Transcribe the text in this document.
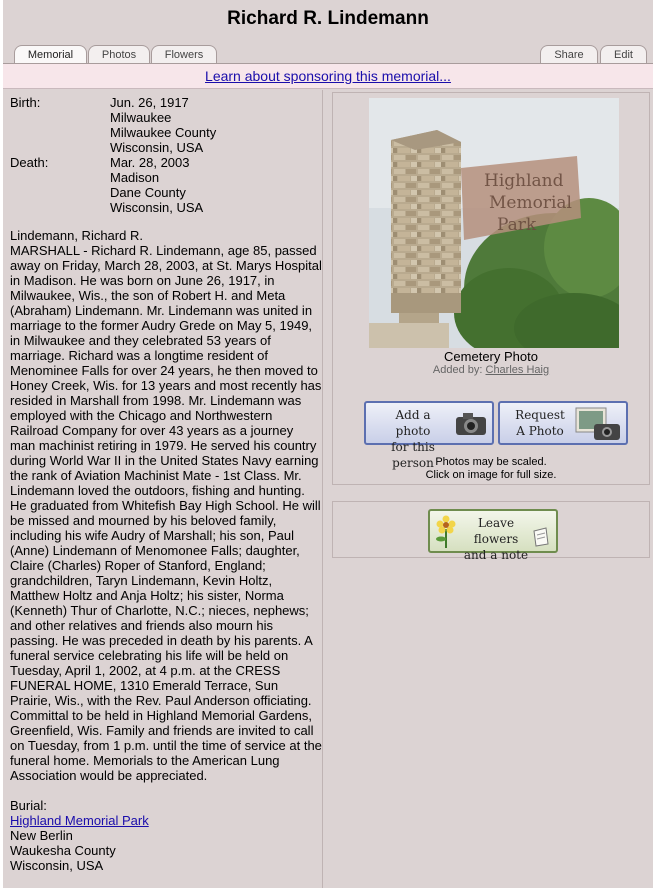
Richard R. Lindemann
Memorial	Photos	Flowers	Share	Edit
Learn about sponsoring this memorial...
Birth:	Jun. 26, 1917
Milwaukee
Milwaukee County
Wisconsin, USA
Death:	Mar. 28, 2003
Madison
Dane County
Wisconsin, USA
Lindemann, Richard R.
MARSHALL - Richard R. Lindemann, age 85, passed away on Friday, March 28, 2003, at St. Marys Hospital in Madison. He was born on June 26, 1917, in Milwaukee, Wis., the son of Robert H. and Meta (Abraham) Lindemann. Mr. Lindemann was united in marriage to the former Audry Grede on May 5, 1949, in Milwaukee and they celebrated 53 years of marriage. Richard was a longtime resident of Menominee Falls for over 24 years, he then moved to Honey Creek, Wis. for 13 years and most recently has resided in Marshall from 1998. Mr. Lindemann was employed with the Chicago and Northwestern Railroad Company for over 43 years as a journey man machinist retiring in 1979. He served his country during World War II in the United States Navy earning the rank of Aviation Machinist Mate - 1st Class. Mr. Lindemann loved the outdoors, fishing and hunting. He graduated from Whitefish Bay High School. He will be missed and mourned by his beloved family, including his wife Audry of Marshall; his son, Paul (Anne) Lindemann of Menomonee Falls; daughter, Claire (Charles) Roper of Stanford, England; grandchildren, Taryn Lindemann, Kevin Holtz, Matthew Holtz and Anja Holtz; his sister, Norma (Kenneth) Thur of Charlotte, N.C.; nieces, nephews; and other relatives and friends also mourn his passing. He was preceded in death by his parents. A funeral service celebrating his life will be held on Tuesday, April 1, 2002, at 4 p.m. at the CRESS FUNERAL HOME, 1310 Emerald Terrace, Sun Prairie, Wis., with the Rev. Paul Anderson officiating. Committal to be held in Highland Memorial Gardens, Greenfield, Wis. Family and friends are invited to call on Tuesday, from 1 p.m. until the time of service at the funeral home. Memorials to the American Lung Association would be appreciated.
Burial:
Highland Memorial Park
New Berlin
Waukesha County
Wisconsin, USA
Highland
Memorial
Park
Cemetery Photo
Added by: Charles Haig
Add a photo
for this person
Request
A Photo
Photos may be scaled.
Click on image for full size.
Leave flowers
and a note
